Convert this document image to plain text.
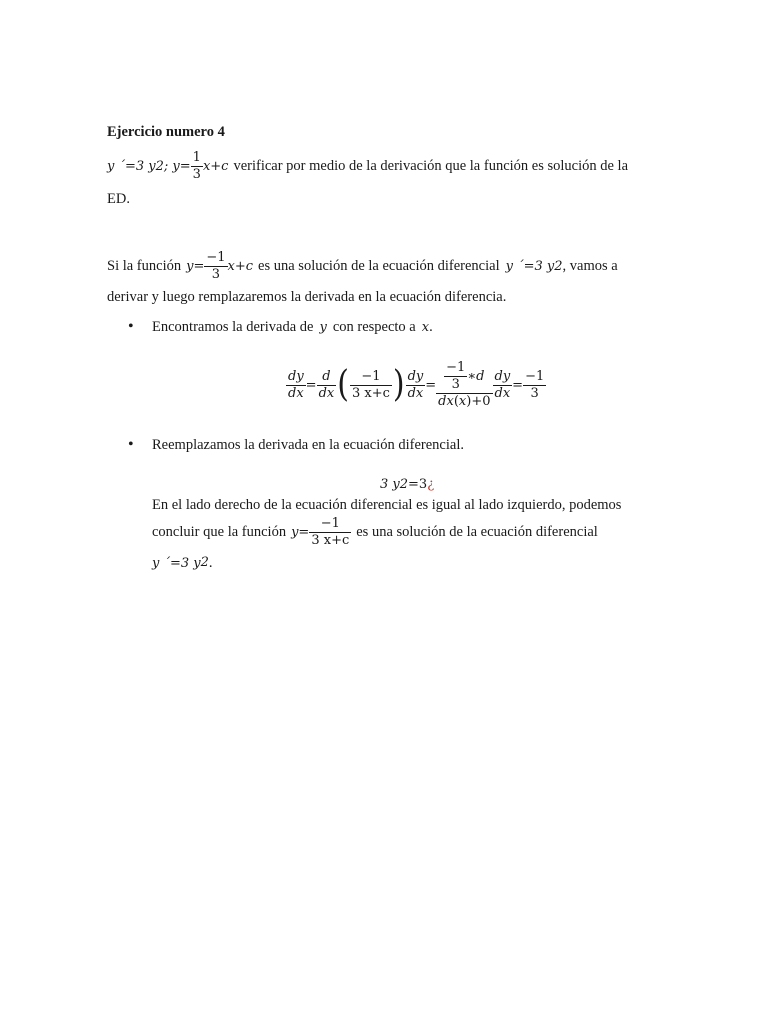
Ejercicio numero 4
y ´=3 y 2 ; $y= \frac{1}{3} x+c$ verificar por medio de la derivación que la función es solución de la
ED.
Si la función $y= \frac{-1}{3} x+c$ es una solución de la ecuación diferencial y ´=3 y 2 , vamos a
derivar y luego remplazaremos la derivada en la ecuación diferencia.
• Encontramos la derivada de y con respecto a x .
$\frac{dy}{dx} = \frac{d}{dx}$ ( $\frac{-1}{3 x+c}$ ) $\frac{dy}{dx} = \frac{\frac{-1}{3} ∗d}{dx(x)+0} \frac{dy}{dx} = \frac{-1}{3}$
• Reemplazamos la derivada en la ecuación diferencial.
3 y 2 =3 ¿
En el lado derecho de la ecuación diferencial es igual al lado izquierdo, podemos
concluir que la función $y= \frac{-1}{3 x+c}$ es una solución de la ecuación diferencial
y ´=3 y 2 .
